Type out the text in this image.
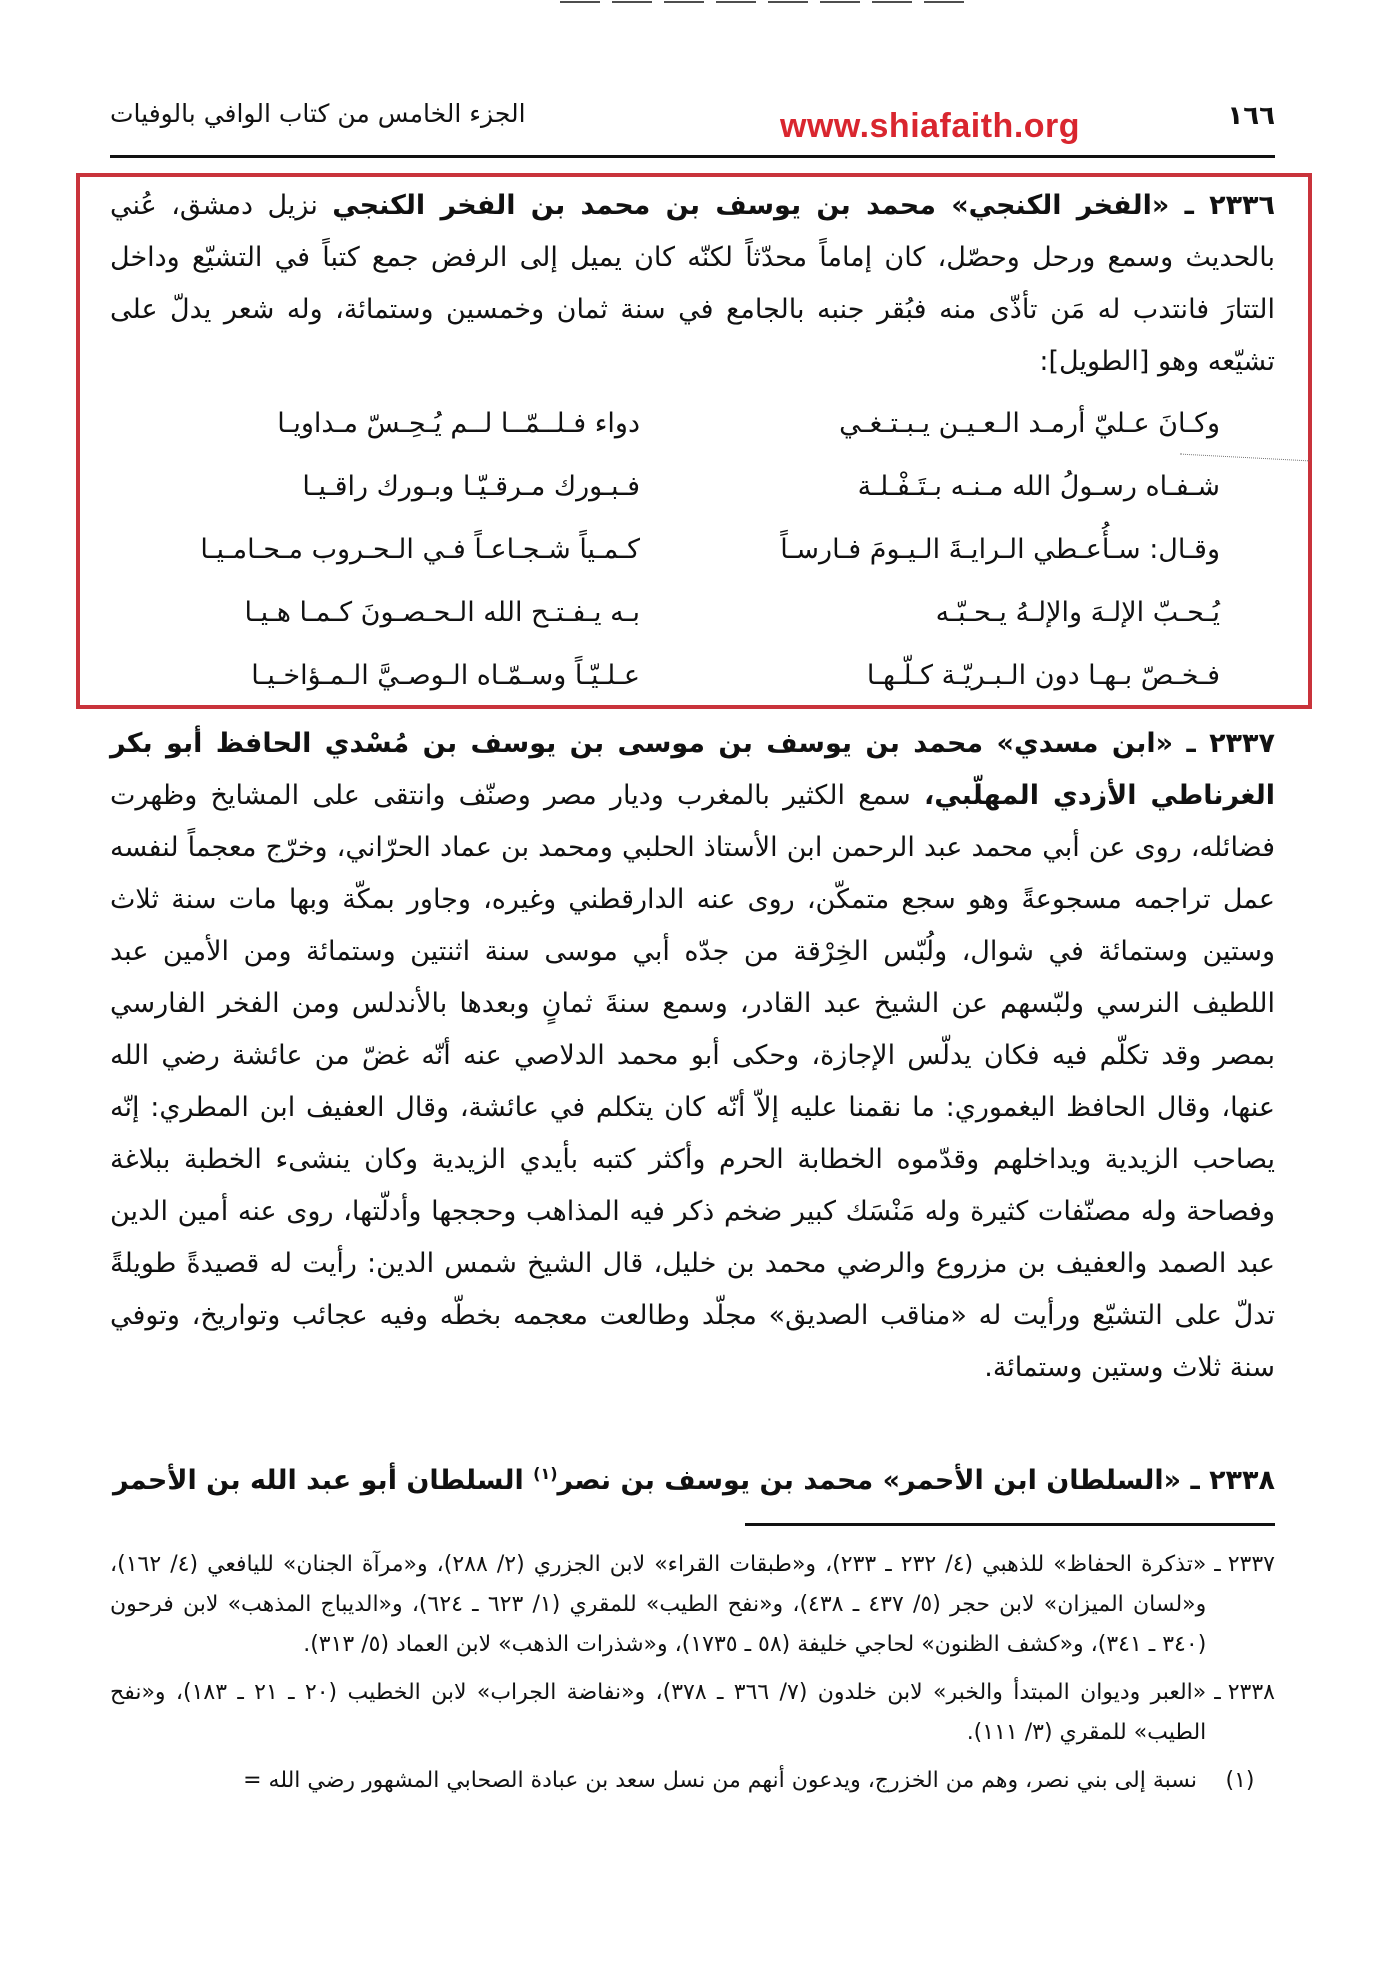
١٦٦
www.shiafaith.org
الجزء الخامس من كتاب الوافي بالوفيات
٢٣٣٦ ـ «الفخر الكنجي» محمد بن يوسف بن محمد بن الفخر الكنجي نزيل دمشق، عُني بالحديث وسمع ورحل وحصّل، كان إماماً محدّثاً لكنّه كان يميل إلى الرفض جمع كتباً في التشيّع وداخل التتارَ فانتدب له مَن تأذّى منه فبُقر جنبه بالجامع في سنة ثمان وخمسين وستمائة، وله شعر يدلّ على تشيّعه وهو [الطويل]:
وكـانَ عـليّ أرمـد الـعـيـن يـبـتـغـي
دواء فـلــمّــا لــم يُـحِـسّ مـداويـا
شـفـاه رسـولُ الله مـنـه بـتَـفْـلـة
فـبـورك مـرقـيّـا وبـورك راقـيـا
وقـال: سـأُعـطي الـرايـةَ الـيـومَ فـارسـاً
كـمـياً شـجـاعـاً فـي الـحـروب مـحـامـيـا
يُـحـبّ الإلـهَ والإلـهُ يـحـبّـه
بـه يـفـتـح الله الـحـصـونَ كـمـا هـيـا
فـخـصّ بـهـا دون الـبـريّـة كـلّـهـا
عـلـيّـاً وسـمّـاه الـوصـيَّ الـمـؤاخـيـا
٢٣٣٧ ـ «ابن مسدي» محمد بن يوسف بن موسى بن يوسف بن مُسْدي الحافظ أبو بكر الغرناطي الأزدي المهلّبي، سمع الكثير بالمغرب وديار مصر وصنّف وانتقى على المشايخ وظهرت فضائله، روى عن أبي محمد عبد الرحمن ابن الأستاذ الحلبي ومحمد بن عماد الحرّاني، وخرّج معجماً لنفسه عمل تراجمه مسجوعةً وهو سجع متمكّن، روى عنه الدارقطني وغيره، وجاور بمكّة وبها مات سنة ثلاث وستين وستمائة في شوال، ولُبّس الخِرْقة من جدّه أبي موسى سنة اثنتين وستمائة ومن الأمين عبد اللطيف النرسي ولبّسهم عن الشيخ عبد القادر، وسمع سنةَ ثمانٍ وبعدها بالأندلس ومن الفخر الفارسي بمصر وقد تكلّم فيه فكان يدلّس الإجازة، وحكى أبو محمد الدلاصي عنه أنّه غضّ من عائشة رضي الله عنها، وقال الحافظ اليغموري: ما نقمنا عليه إلاّ أنّه كان يتكلم في عائشة، وقال العفيف ابن المطري: إنّه يصاحب الزيدية ويداخلهم وقدّموه الخطابة الحرم وأكثر كتبه بأيدي الزيدية وكان ينشىء الخطبة ببلاغة وفصاحة وله مصنّفات كثيرة وله مَنْسَك كبير ضخم ذكر فيه المذاهب وحججها وأدلّتها، روى عنه أمين الدين عبد الصمد والعفيف بن مزروع والرضي محمد بن خليل، قال الشيخ شمس الدين: رأيت له قصيدةً طويلةً تدلّ على التشيّع ورأيت له «مناقب الصديق» مجلّد وطالعت معجمه بخطّه وفيه عجائب وتواريخ، وتوفي سنة ثلاث وستين وستمائة.
٢٣٣٨ ـ «السلطان ابن الأحمر» محمد بن يوسف بن نصر$^{(١)}$ السلطان أبو عبد الله بن الأحمر
٢٣٣٧ ـ
«تذكرة الحفاظ» للذهبي (٤/ ٢٣٢ ـ ٢٣٣)، و«طبقات القراء» لابن الجزري (٢/ ٢٨٨)، و«مرآة الجنان» لليافعي (٤/ ١٦٢)، و«لسان الميزان» لابن حجر (٥/ ٤٣٧ ـ ٤٣٨)، و«نفح الطيب» للمقري (١/ ٦٢٣ ـ ٦٢٤)، و«الديباج المذهب» لابن فرحون (٣٤٠ ـ ٣٤١)، و«كشف الظنون» لحاجي خليفة (٥٨ ـ ١٧٣٥)، و«شذرات الذهب» لابن العماد (٥/ ٣١٣).
٢٣٣٨ ـ
«العبر وديوان المبتدأ والخبر» لابن خلدون (٧/ ٣٦٦ ـ ٣٧٨)، و«نفاضة الجراب» لابن الخطيب (٢٠ ـ ٢١ ـ ١٨٣)، و«نفح الطيب» للمقري (٣/ ١١١).
(١)
نسبة إلى بني نصر، وهم من الخزرج، ويدعون أنهم من نسل سعد بن عبادة الصحابي المشهور رضي الله =
